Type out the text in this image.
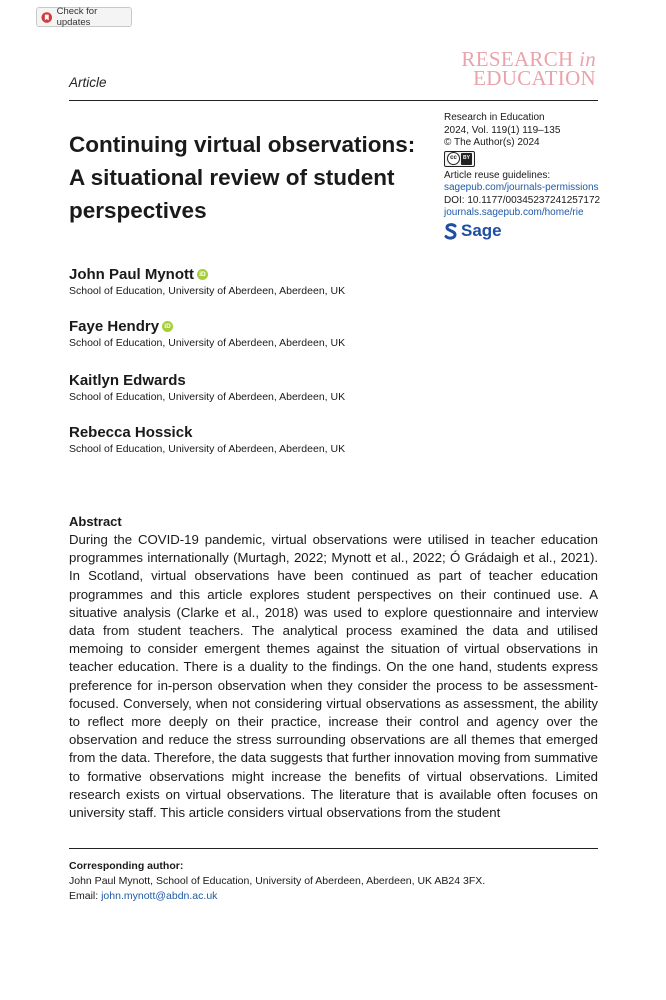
Check for updates
Article
RESEARCH in
EDUCATION
Continuing virtual observations: A situational review of student perspectives
Research in Education
2024, Vol. 119(1) 119–135
© The Author(s) 2024
cc	BY
Article reuse guidelines:
sagepub.com/journals-permissions
DOI: 10.1177/00345237241257172
journals.sagepub.com/home/rie
Sage
John Paul Mynott iD
School of Education, University of Aberdeen, Aberdeen, UK
Faye Hendry iD
School of Education, University of Aberdeen, Aberdeen, UK
Kaitlyn Edwards
School of Education, University of Aberdeen, Aberdeen, UK
Rebecca Hossick
School of Education, University of Aberdeen, Aberdeen, UK
Abstract
During the COVID-19 pandemic, virtual observations were utilised in teacher education programmes internationally (Murtagh, 2022; Mynott et al., 2022; Ó Grádaigh et al., 2021). In Scotland, virtual observations have been continued as part of teacher education programmes and this article explores student perspectives on their continued use. A situative analysis (Clarke et al., 2018) was used to explore questionnaire and interview data from student teachers. The analytical process examined the data and utilised memoing to consider emergent themes against the situation of virtual observations in teacher education. There is a duality to the findings. On the one hand, students express preference for in-person observation when they consider the process to be assessment-focused. Conversely, when not considering virtual observations as assessment, the ability to reflect more deeply on their practice, increase their control and agency over the observation and reduce the stress surrounding observations are all themes that emerged from the data. Therefore, the data suggests that further innovation moving from summative to formative observations might increase the benefits of virtual observations. Limited research exists on virtual observations. The literature that is available often focuses on university staff. This article considers virtual observations from the student
Corresponding author:
John Paul Mynott, School of Education, University of Aberdeen, Aberdeen, UK AB24 3FX.
Email: john.mynott@abdn.ac.uk
